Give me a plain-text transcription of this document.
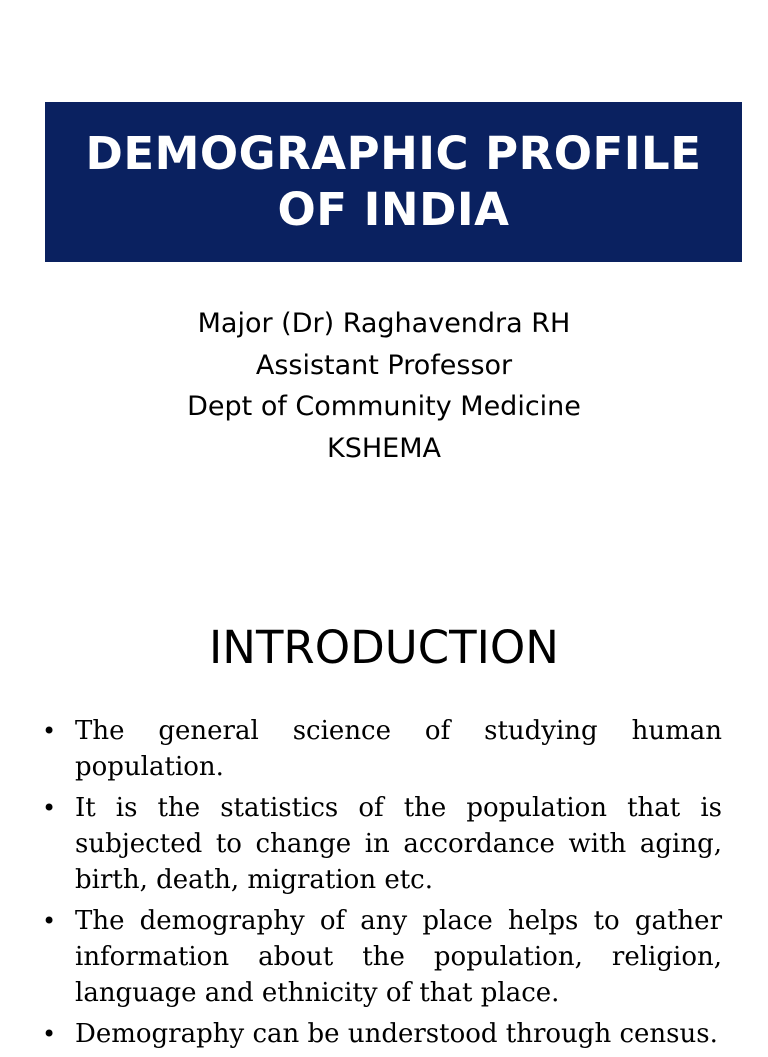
DEMOGRAPHIC PROFILE
OF INDIA
Major (Dr) Raghavendra RH
Assistant Professor
Dept of Community Medicine
KSHEMA
INTRODUCTION
• The general science of studying human population.
• It is the statistics of the population that is subjected to change in accordance with aging, birth, death, migration etc.
• The demography of any place helps to gather information about the population, religion, language and ethnicity of that place.
• Demography can be understood through census.
